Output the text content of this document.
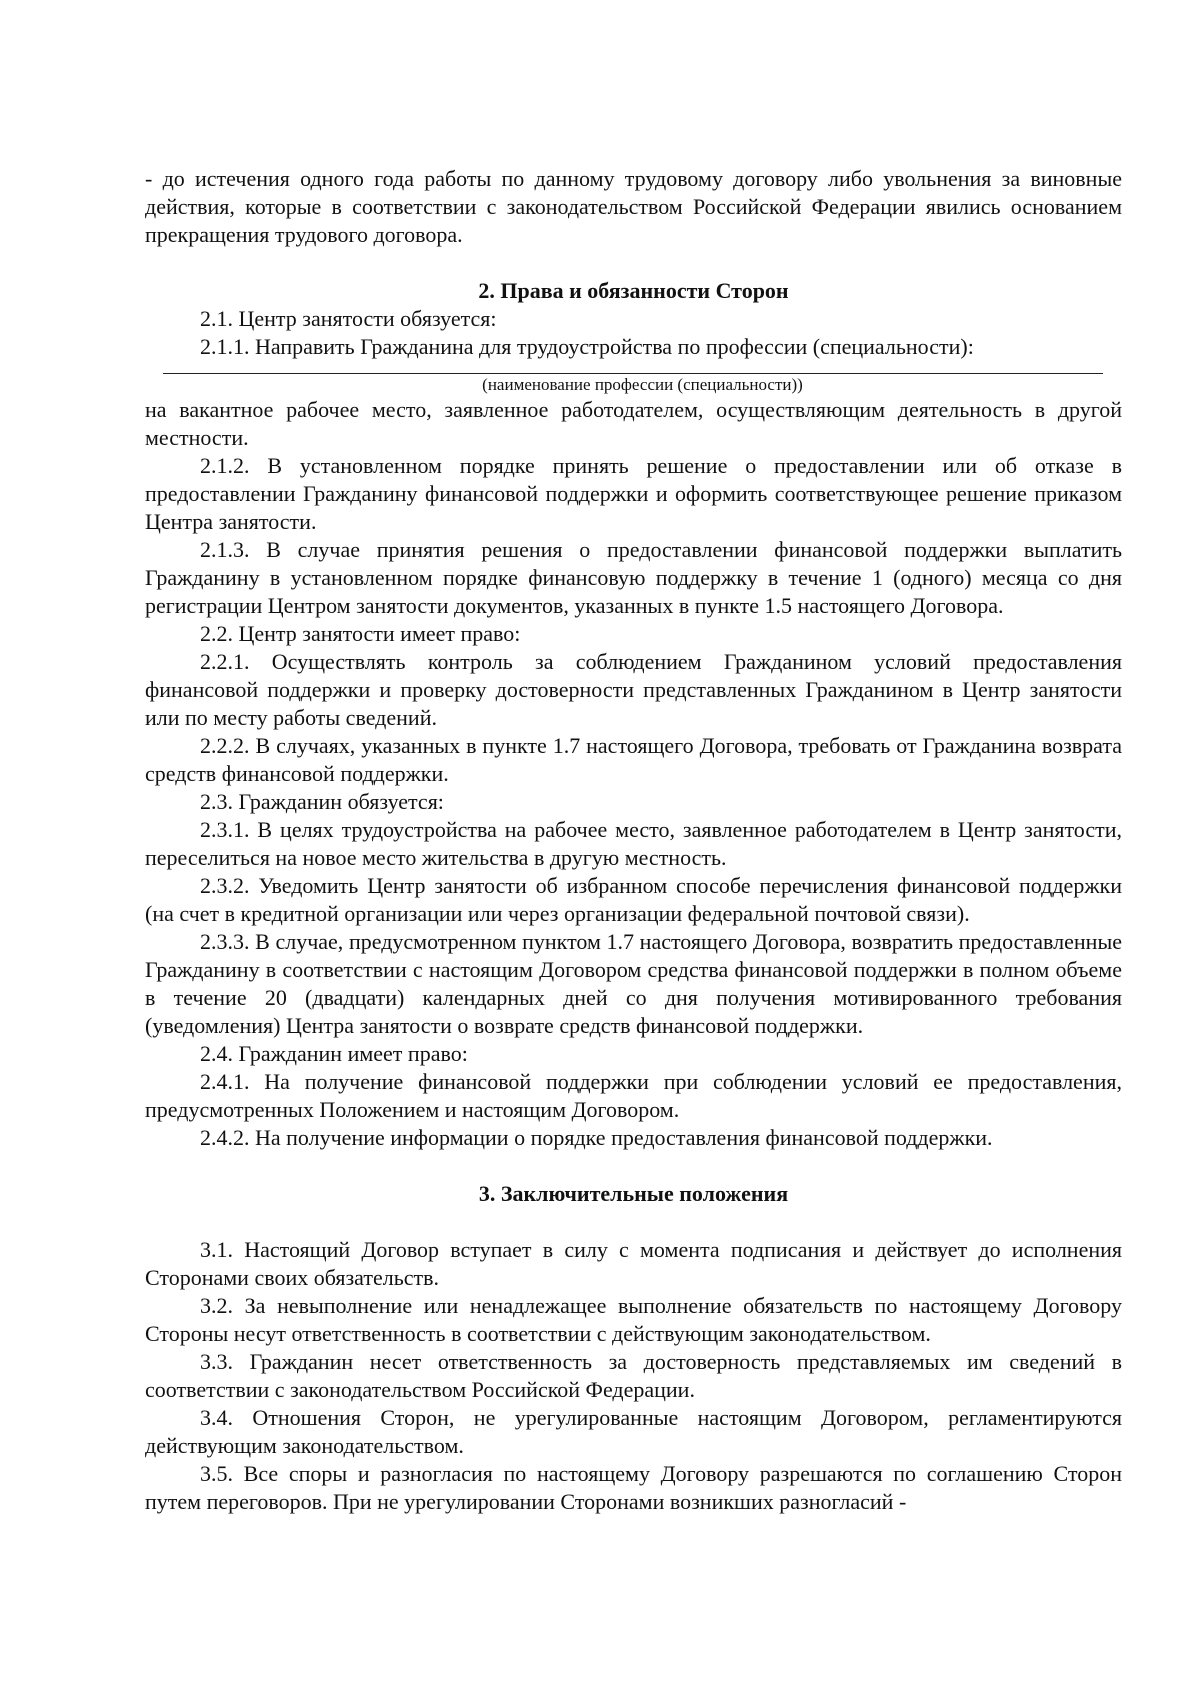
- до истечения одного года работы по данному трудовому договору либо увольнения за виновные действия, которые в соответствии с законодательством Российской Федерации явились основанием прекращения трудового договора.

2. Права и обязанности Сторон

2.1. Центр занятости обязуется:

2.1.1. Направить Гражданина для трудоустройства по профессии (специальности):

(наименование профессии (специальности))

на вакантное рабочее место, заявленное работодателем, осуществляющим деятельность в другой местности.

2.1.2. В установленном порядке принять решение о предоставлении или об отказе в предоставлении Гражданину финансовой поддержки и оформить соответствующее решение приказом Центра занятости.

2.1.3. В случае принятия решения о предоставлении финансовой поддержки выплатить Гражданину в установленном порядке финансовую поддержку в течение 1 (одного) месяца со дня регистрации Центром занятости документов, указанных в пункте 1.5 настоящего Договора.

2.2. Центр занятости имеет право:

2.2.1. Осуществлять контроль за соблюдением Гражданином условий предоставления финансовой поддержки и проверку достоверности представленных Гражданином в Центр занятости или по месту работы сведений.

2.2.2. В случаях, указанных в пункте 1.7 настоящего Договора, требовать от Гражданина возврата средств финансовой поддержки.

2.3. Гражданин обязуется:

2.3.1. В целях трудоустройства на рабочее место, заявленное работодателем в Центр занятости, переселиться на новое место жительства в другую местность.

2.3.2. Уведомить Центр занятости об избранном способе перечисления финансовой поддержки (на счет в кредитной организации или через организации федеральной почтовой связи).

2.3.3. В случае, предусмотренном пунктом 1.7 настоящего Договора, возвратить предоставленные Гражданину в соответствии с настоящим Договором средства финансовой поддержки в полном объеме в течение 20 (двадцати) календарных дней со дня получения мотивированного требования (уведомления) Центра занятости о возврате средств финансовой поддержки.

2.4. Гражданин имеет право:

2.4.1. На получение финансовой поддержки при соблюдении условий ее предоставления, предусмотренных Положением и настоящим Договором.

2.4.2. На получение информации о порядке предоставления финансовой поддержки.

3. Заключительные положения

3.1. Настоящий Договор вступает в силу с момента подписания и действует до исполнения Сторонами своих обязательств.

3.2. За невыполнение или ненадлежащее выполнение обязательств по настоящему Договору Стороны несут ответственность в соответствии с действующим законодательством.

3.3. Гражданин несет ответственность за достоверность представляемых им сведений в соответствии с законодательством Российской Федерации.

3.4. Отношения Сторон, не урегулированные настоящим Договором, регламентируются действующим законодательством.

3.5. Все споры и разногласия по настоящему Договору разрешаются по соглашению Сторон путем переговоров. При не урегулировании Сторонами возникших разногласий -
